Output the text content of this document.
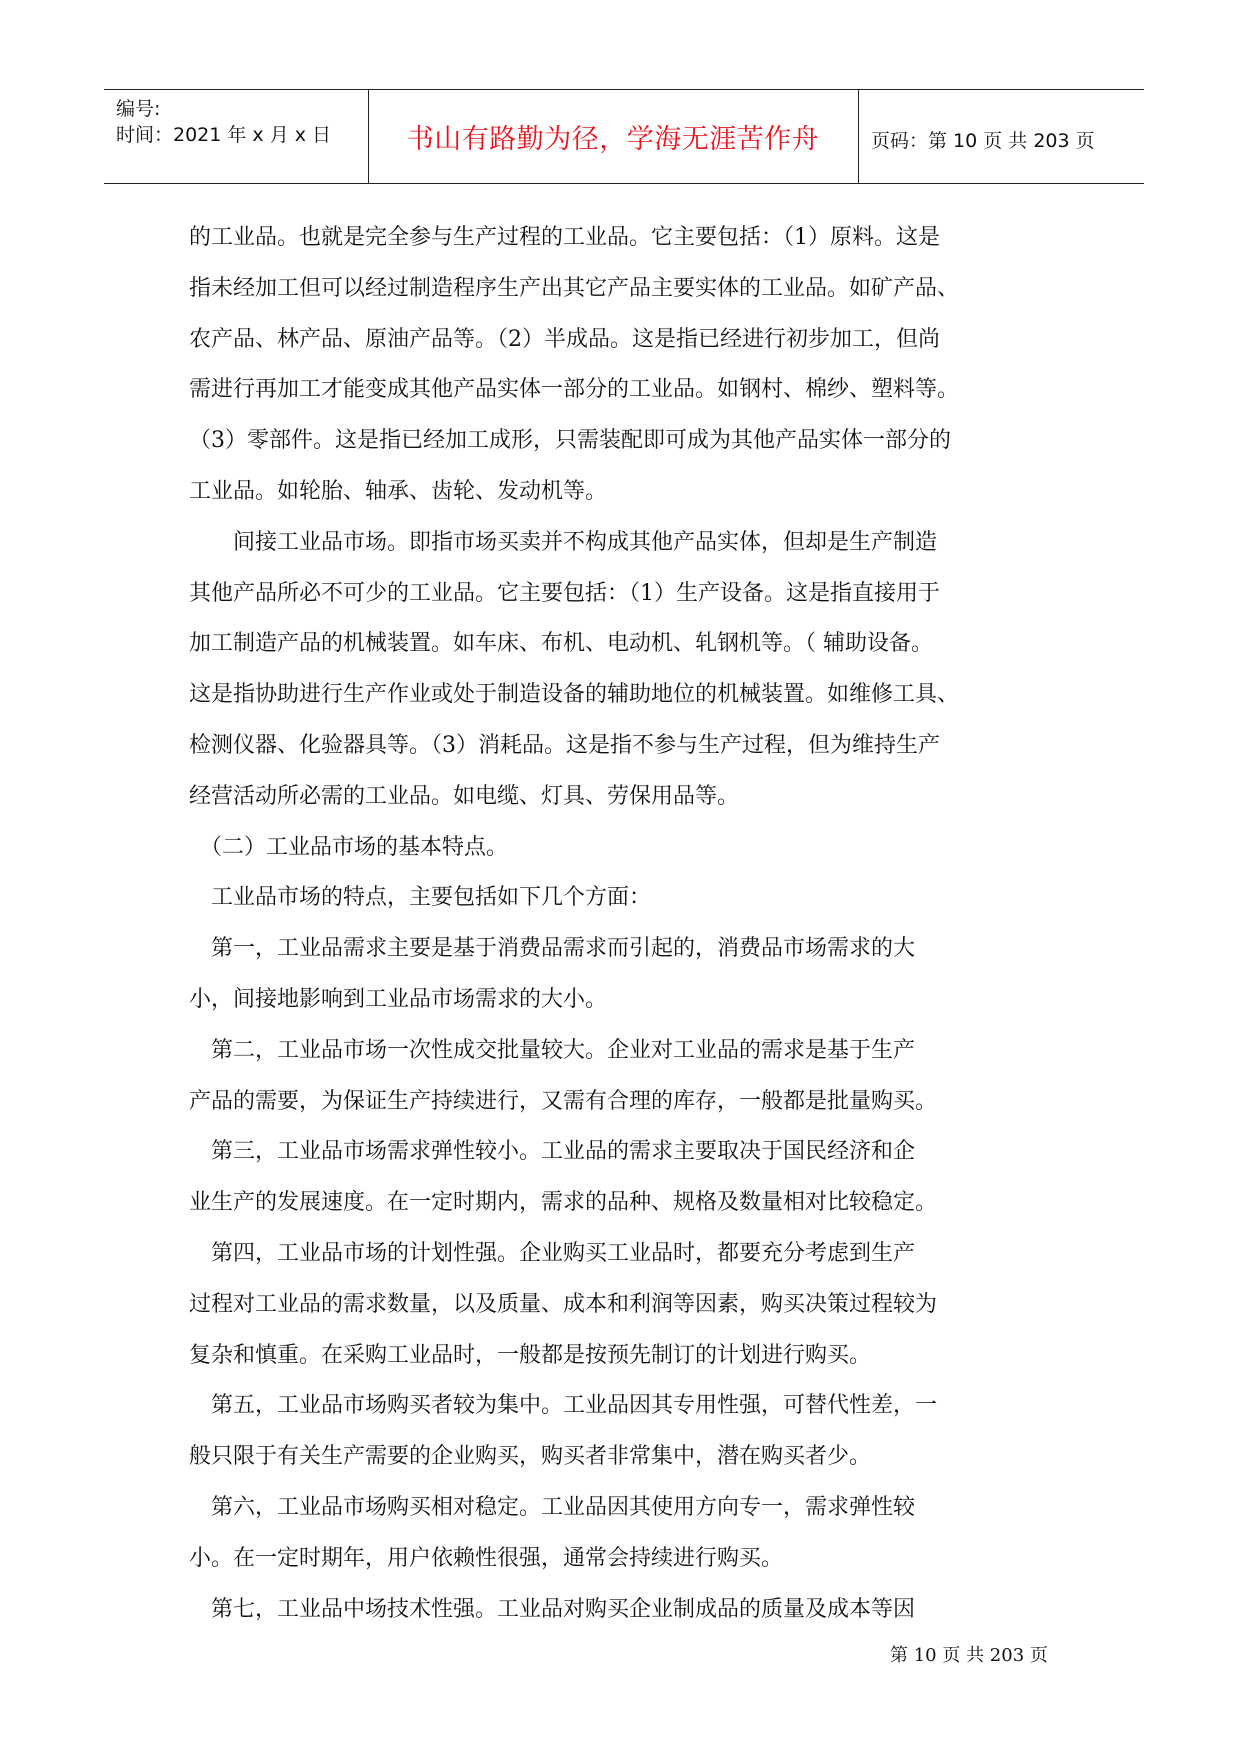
编号:
时间：2021 年 x 月 x 日	书山有路勤为径，学海无涯苦作舟	页码：第 10 页 共 203 页

的工业品。也就是完全参与生产过程的工业品。它主要包括：（1）原料。这是

指未经加工但可以经过制造程序生产出其它产品主要实体的工业品。如矿产品、

农产品、林产品、原油产品等。（2）半成品。这是指已经进行初步加工，但尚

需进行再加工才能变成其他产品实体一部分的工业品。如钢村、棉纱、塑料等。

（3）零部件。这是指已经加工成形，只需装配即可成为其他产品实体一部分的

工业品。如轮胎、轴承、齿轮、发动机等。

　　间接工业品市场。即指市场买卖并不构成其他产品实体，但却是生产制造

其他产品所必不可少的工业品。它主要包括：（1）生产设备。这是指直接用于

加工制造产品的机械装置。如车床、布机、电动机、轧钢机等。（ 辅助设备。

这是指协助进行生产作业或处于制造设备的辅助地位的机械装置。如维修工具、

检测仪器、化验器具等。（3）消耗品。这是指不参与生产过程，但为维持生产

经营活动所必需的工业品。如电缆、灯具、劳保用品等。

　（二）工业品市场的基本特点。

　工业品市场的特点，主要包括如下几个方面：

　第一，工业品需求主要是基于消费品需求而引起的，消费品市场需求的大

小，间接地影响到工业品市场需求的大小。

　第二，工业品市场一次性成交批量较大。企业对工业品的需求是基于生产

产品的需要，为保证生产持续进行，又需有合理的库存，一般都是批量购买。

　第三，工业品市场需求弹性较小。工业品的需求主要取决于国民经济和企

业生产的发展速度。在一定时期内，需求的品种、规格及数量相对比较稳定。

　第四，工业品市场的计划性强。企业购买工业品时，都要充分考虑到生产

过程对工业品的需求数量，以及质量、成本和利润等因素，购买决策过程较为

复杂和慎重。在采购工业品时，一般都是按预先制订的计划进行购买。

　第五，工业品市场购买者较为集中。工业品因其专用性强，可替代性差，一

般只限于有关生产需要的企业购买，购买者非常集中，潜在购买者少。

　第六，工业品市场购买相对稳定。工业品因其使用方向专一，需求弹性较

小。在一定时期年，用户依赖性很强，通常会持续进行购买。

　第七，工业品中场技术性强。工业品对购买企业制成品的质量及成本等因

第 10 页 共 203 页
